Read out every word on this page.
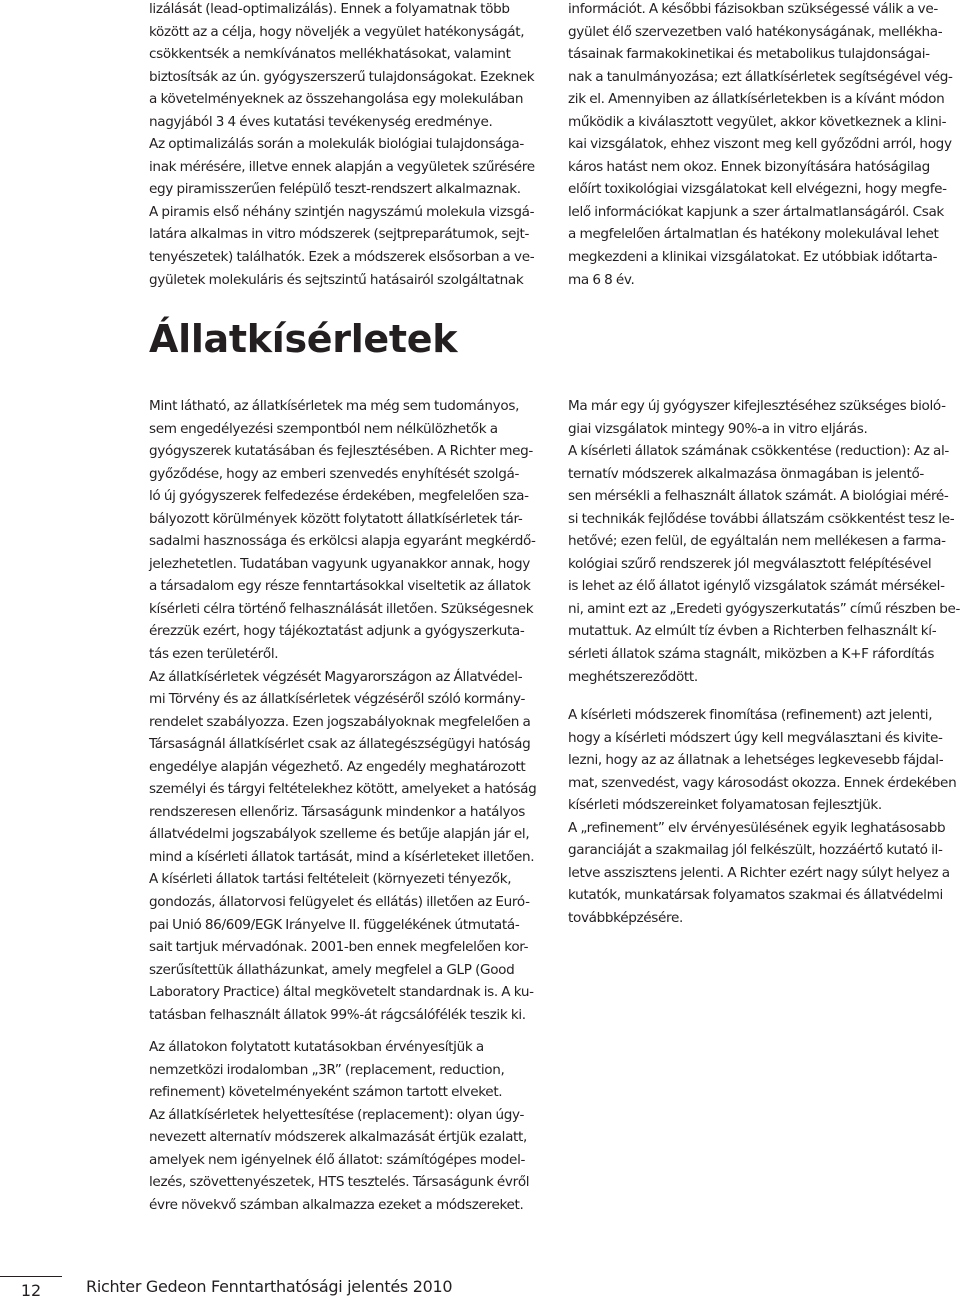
lizálását (lead-optimalizálás). Ennek a folyamatnak több
között az a célja, hogy növeljék a vegyület hatékonyságát,
csökkentsék a nemkívánatos mellékhatásokat, valamint
biztosítsák az ún. gyógyszerszerű tulajdonságokat. Ezeknek
a követelményeknek az összehangolása egy molekulában
nagyjából 3 4 éves kutatási tevékenység eredménye.
Az optimalizálás során a molekulák biológiai tulajdonsága-
inak mérésére, illetve ennek alapján a vegyületek szűrésére
egy piramisszerűen felépülő teszt-rendszert alkalmaznak.
A piramis első néhány szintjén nagyszámú molekula vizsgá-
latára alkalmas in vitro módszerek (sejtpreparátumok, sejt-
tenyészetek) találhatók. Ezek a módszerek elsősorban a ve-
gyületek molekuláris és sejtszintű hatásairól szolgáltatnak
információt. A későbbi fázisokban szükségessé válik a ve-
gyület élő szervezetben való hatékonyságának, mellékha-
tásainak farmakokinetikai és metabolikus tulajdonságai-
nak a tanulmányozása; ezt állatkísérletek segítségével vég-
zik el. Amennyiben az állatkísérletekben is a kívánt módon
működik a kiválasztott vegyület, akkor következnek a klini-
kai vizsgálatok, ehhez viszont meg kell győződni arról, hogy
káros hatást nem okoz. Ennek bizonyítására hatóságilag
előírt toxikológiai vizsgálatokat kell elvégezni, hogy megfe-
lelő információkat kapjunk a szer ártalmatlanságáról. Csak
a megfelelően ártalmatlan és hatékony molekulával lehet
megkezdeni a klinikai vizsgálatokat. Ez utóbbiak időtarta-
ma 6 8 év.
Állatkísérletek
Mint látható, az állatkísérletek ma még sem tudományos,
sem engedélyezési szempontból nem nélkülözhetők a
gyógyszerek kutatásában és fejlesztésében. A Richter meg-
győződése, hogy az emberi szenvedés enyhítését szolgá-
ló új gyógyszerek felfedezése érdekében, megfelelően sza-
bályozott körülmények között folytatott állatkísérletek tár-
sadalmi hasznossága és erkölcsi alapja egyaránt megkérdő-
jelezhetetlen. Tudatában vagyunk ugyanakkor annak, hogy
a társadalom egy része fenntartásokkal viseltetik az állatok
kísérleti célra történő felhasználását illetően. Szükségesnek
érezzük ezért, hogy tájékoztatást adjunk a gyógyszerkuta-
tás ezen területéről.
Az állatkísérletek végzését Magyarországon az Állatvédel-
mi Törvény és az állatkísérletek végzéséről szóló kormány-
rendelet szabályozza. Ezen jogszabályoknak megfelelően a
Társaságnál állatkísérlet csak az állategészségügyi hatóság
engedélye alapján végezhető. Az engedély meghatározott
személyi és tárgyi feltételekhez kötött, amelyeket a hatóság
rendszeresen ellenőriz. Társaságunk mindenkor a hatályos
állatvédelmi jogszabályok szelleme és betűje alapján jár el,
mind a kísérleti állatok tartását, mind a kísérleteket illetően.
A kísérleti állatok tartási feltételeit (környezeti tényezők,
gondozás, állatorvosi felügyelet és ellátás) illetően az Euró-
pai Unió 86/609/EGK Irányelve II. függelékének útmutatá-
sait tartjuk mérvadónak. 2001-ben ennek megfelelően kor-
szerűsítettük állatházunkat, amely megfelel a GLP (Good
Laboratory Practice) által megkövetelt standardnak is. A ku-
tatásban felhasznált állatok 99%-át rágcsálófélék teszik ki.
Az állatokon folytatott kutatásokban érvényesítjük a
nemzetközi irodalomban „3R” (replacement, reduction,
refinement) követelményeként számon tartott elveket.
Az állatkísérletek helyettesítése (replacement): olyan úgy-
nevezett alternatív módszerek alkalmazását értjük ezalatt,
amelyek nem igényelnek élő állatot: számítógépes model-
lezés, szövettenyészetek, HTS tesztelés. Társaságunk évről
évre növekvő számban alkalmazza ezeket a módszereket.
Ma már egy új gyógyszer kifejlesztéséhez szükséges bioló-
giai vizsgálatok mintegy 90%-a in vitro eljárás.
A kísérleti állatok számának csökkentése (reduction): Az al-
ternatív módszerek alkalmazása önmagában is jelentő-
sen mérsékli a felhasznált állatok számát. A biológiai méré-
si technikák fejlődése további állatszám csökkentést tesz le-
hetővé; ezen felül, de egyáltalán nem mellékesen a farma-
kológiai szűrő rendszerek jól megválasztott felépítésével
is lehet az élő állatot igénylő vizsgálatok számát mérsékel-
ni, amint ezt az „Eredeti gyógyszerkutatás” című részben be-
mutattuk. Az elmúlt tíz évben a Richterben felhasznált kí-
sérleti állatok száma stagnált, miközben a K+F ráfordítás
meghétszereződött.
A kísérleti módszerek finomítása (refinement) azt jelenti,
hogy a kísérleti módszert úgy kell megválasztani és kivite-
lezni, hogy az az állatnak a lehetséges legkevesebb fájdal-
mat, szenvedést, vagy károsodást okozza. Ennek érdekében
kísérleti módszereinket folyamatosan fejlesztjük.
A „refinement” elv érvényesülésének egyik leghatásosabb
garanciáját a szakmailag jól felkészült, hozzáértő kutató il-
letve asszisztens jelenti. A Richter ezért nagy súlyt helyez a
kutatók, munkatársak folyamatos szakmai és állatvédelmi
továbbképzésére.
12	Richter Gedeon Fenntarthatósági jelentés 2010
